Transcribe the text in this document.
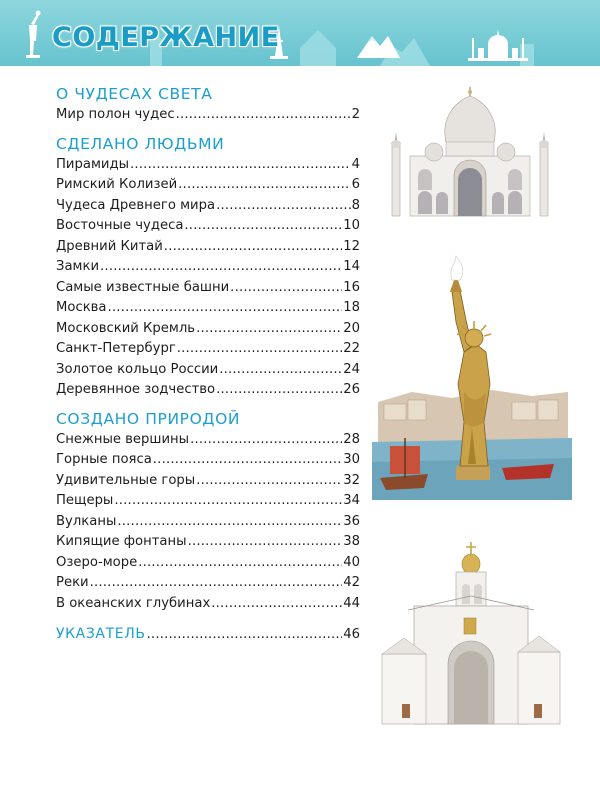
СОДЕРЖАНИЕ
О ЧУДЕСАХ СВЕТА
Мир полон чудес .....	2
СДЕЛАНО ЛЮДЬМИ
Пирамиды .....	4
Римский Колизей .....	6
Чудеса Древнего мира .....	8
Восточные чудеса .....	10
Древний Китай .....	12
Замки .....	14
Самые известные башни .....	16
Москва .....	18
Московский Кремль .....	20
Санкт-Петербург .....	22
Золотое кольцо России .....	24
Деревянное зодчество .....	26
СОЗДАНО ПРИРОДОЙ
Снежные вершины .....	28
Горные пояса .....	30
Удивительные горы .....	32
Пещеры .....	34
Вулканы .....	36
Кипящие фонтаны .....	38
Озеро-море .....	40
Реки .....	42
В океанских глубинах .....	44
УКАЗАТЕЛЬ .....	46
